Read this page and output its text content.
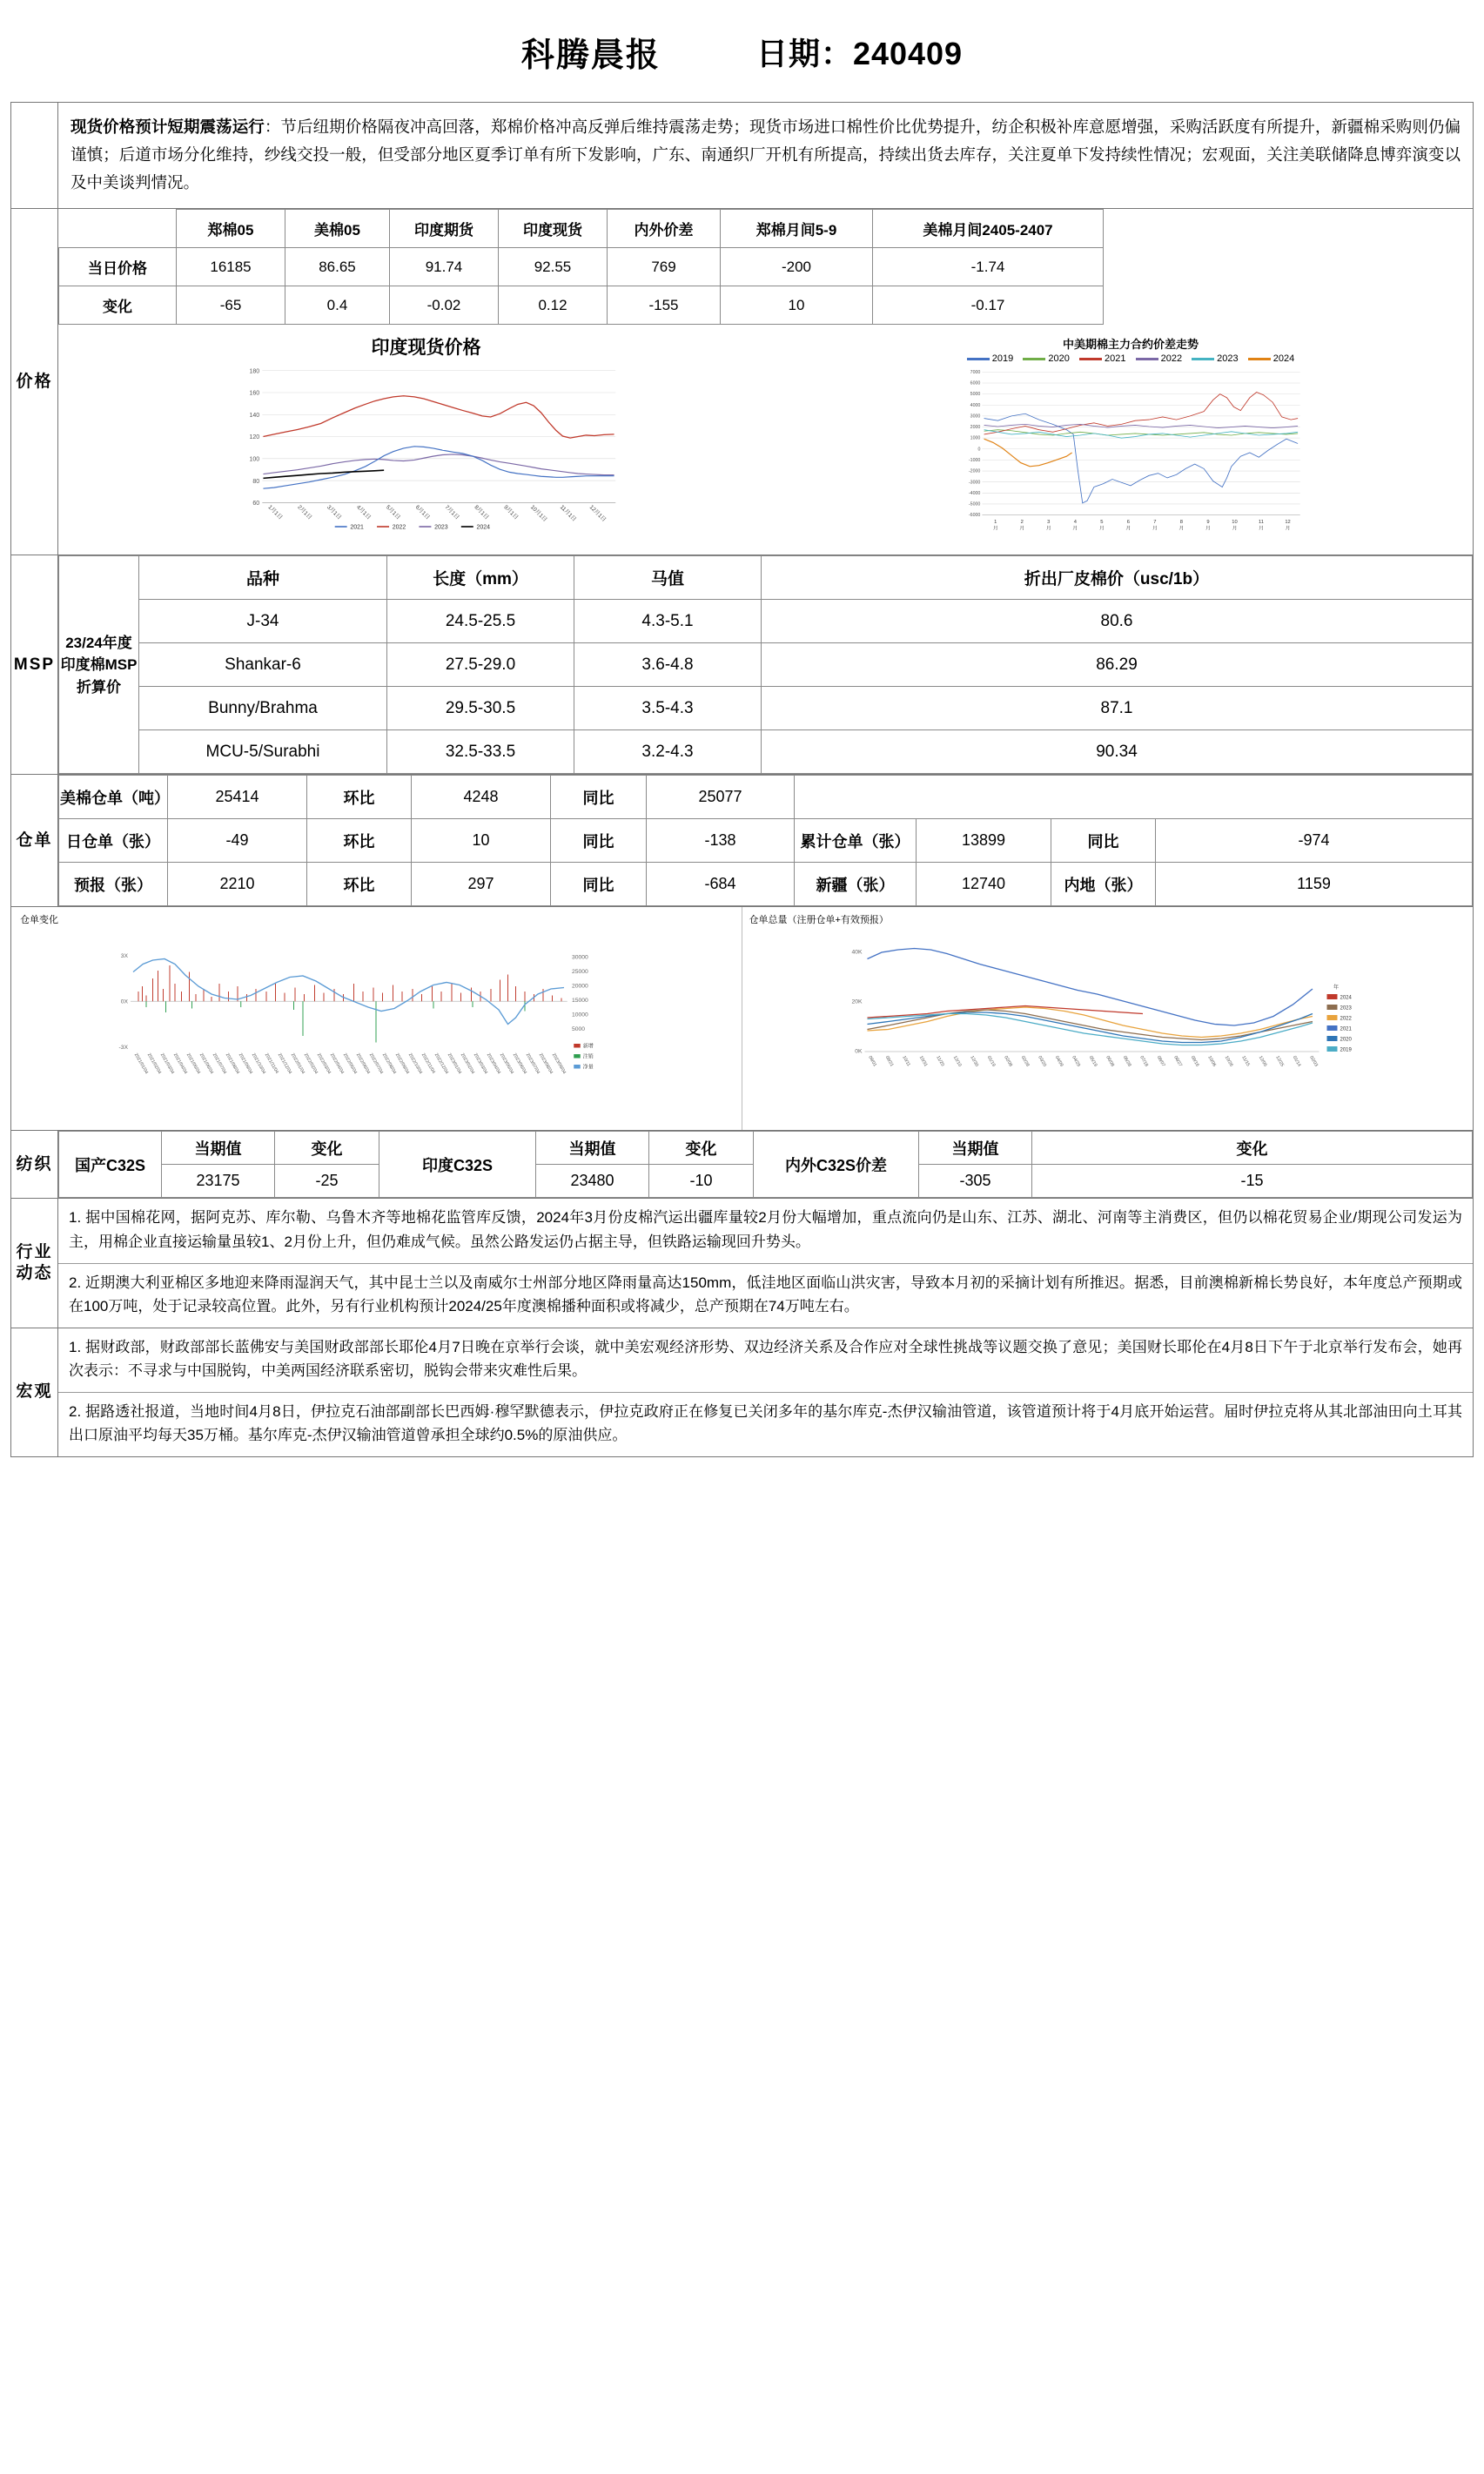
科腾晨报	日期：240409

现货价格预计短期震荡运行：节后纽期价格隔夜冲高回落，郑棉价格冲高反弹后维持震荡走势；现货市场进口棉性价比优势提升，纺企积极补库意愿增强，采购活跃度有所提升，新疆棉采购则仍偏谨慎；后道市场分化维持，纱线交投一般，但受部分地区夏季订单有所下发影响，广东、南通织厂开机有所提高，持续出货去库存，关注夏单下发持续性情况；宏观面，关注美联储降息博弈演变以及中美谈判情况。

价格	
	郑棉05	美棉05	印度期货	印度现货	内外价差	郑棉月间5-9	美棉月间2405-2407	
当日价格	16185	86.65	91.74	92.55	769	-200	-1.74	
变化	-65	0.4	-0.02	0.12	-155	10	-0.17	
印度现货价格
180
160
140
120
100
80
60
1月1日 2月1日 3月1日 4月1日 5月1日 6月1日 7月1日 8月1日 9月1日 10月1日 11月1日 12月1日
2021	2022	2023	2024
中美期棉主力合约价差走势
2019	2020	2021	2022	2023	2024
7000
6000
5000
4000
3000
2000
1000
0
-1000
-2000
-3000
-4000
-5000
-6000
1
月
2
月
3
月
4
月
5
月
6
月
7
月
8
月
9
月
10
月
11
月
12
月

MSP	
23/24年度印度棉MSP折算价	品种	长度（mm）	马值	折出厂皮棉价（usc/1b）
J-34	24.5-25.5	4.3-5.1	80.6
Shankar-6	27.5-29.0	3.6-4.8	86.29
Bunny/Brahma	29.5-30.5	3.5-4.3	87.1
MCU-5/Surabhi	32.5-33.5	3.2-4.3	90.34

仓单	
美棉仓单（吨）	25414	环比	4248	同比	25077	
日仓单（张）	-49	环比	10	同比	-138	累计仓单（张）	13899	同比	-974
预报（张）	2210	环比	297	同比	-684	新疆（张）	12740	内地（张）	1159

仓单变化
3X
0X
-3X
30000
25000
20000
15000
10000
5000
新增
注销
净量
2021/01/04
2021/02/04
2021/03/04
2021/04/04
2021/05/04
2021/06/04
2021/07/04
2021/08/04
2021/09/04
2021/10/04
2021/11/04
2021/12/04
2022/01/04
2022/02/04
2022/03/04
2022/04/04
2022/05/04
2022/06/04
2022/07/04
2022/08/04
2022/09/04
2022/10/04
2022/11/04
2022/12/04
2023/01/04
2023/02/04
2023/03/04
2023/04/04
2023/05/04
2023/06/04
2023/07/04
2023/08/04
2023/09/04
仓单总量（注册仓单+有效预报）
40K
20K
0K
年
2024
2023
2022
2021
2020
2019
09/01 09/21 10/11 10/31 11/20 12/10 12/30 01/19 02/08 02/28 03/20 04/09 04/29 05/19 06/08 06/28 07/18 08/07 08/27 09/16 10/06 10/26 11/15 12/05 12/25 01/14 02/03

纺织	国产C32S	当期值	变化	印度C32S	当期值	变化	内外C32S价差	当期值	变化
23175	-25	23480	-10	-305	-15

行业动态	
1. 据中国棉花网，据阿克苏、库尔勒、乌鲁木齐等地棉花监管库反馈，2024年3月份皮棉汽运出疆库量较2月份大幅增加，重点流向仍是山东、江苏、湖北、河南等主消费区，但仍以棉花贸易企业/期现公司发运为主，用棉企业直接运输量虽较1、2月份上升，但仍难成气候。虽然公路发运仍占据主导，但铁路运输现回升势头。
2. 近期澳大利亚棉区多地迎来降雨湿润天气，其中昆士兰以及南威尔士州部分地区降雨量高达150mm，低洼地区面临山洪灾害，导致本月初的采摘计划有所推迟。据悉，目前澳棉新棉长势良好，本年度总产预期或在100万吨，处于记录较高位置。此外，另有行业机构预计2024/25年度澳棉播种面积或将减少，总产预期在74万吨左右。

宏观	
1. 据财政部，财政部部长蓝佛安与美国财政部部长耶伦4月7日晚在京举行会谈，就中美宏观经济形势、双边经济关系及合作应对全球性挑战等议题交换了意见；美国财长耶伦在4月8日下午于北京举行发布会，她再次表示：不寻求与中国脱钩，中美两国经济联系密切，脱钩会带来灾难性后果。
2. 据路透社报道，当地时间4月8日，伊拉克石油部副部长巴西姆·穆罕默德表示，伊拉克政府正在修复已关闭多年的基尔库克-杰伊汉输油管道，该管道预计将于4月底开始运营。届时伊拉克将从其北部油田向土耳其出口原油平均每天35万桶。基尔库克-杰伊汉输油管道曾承担全球约0.5%的原油供应。
